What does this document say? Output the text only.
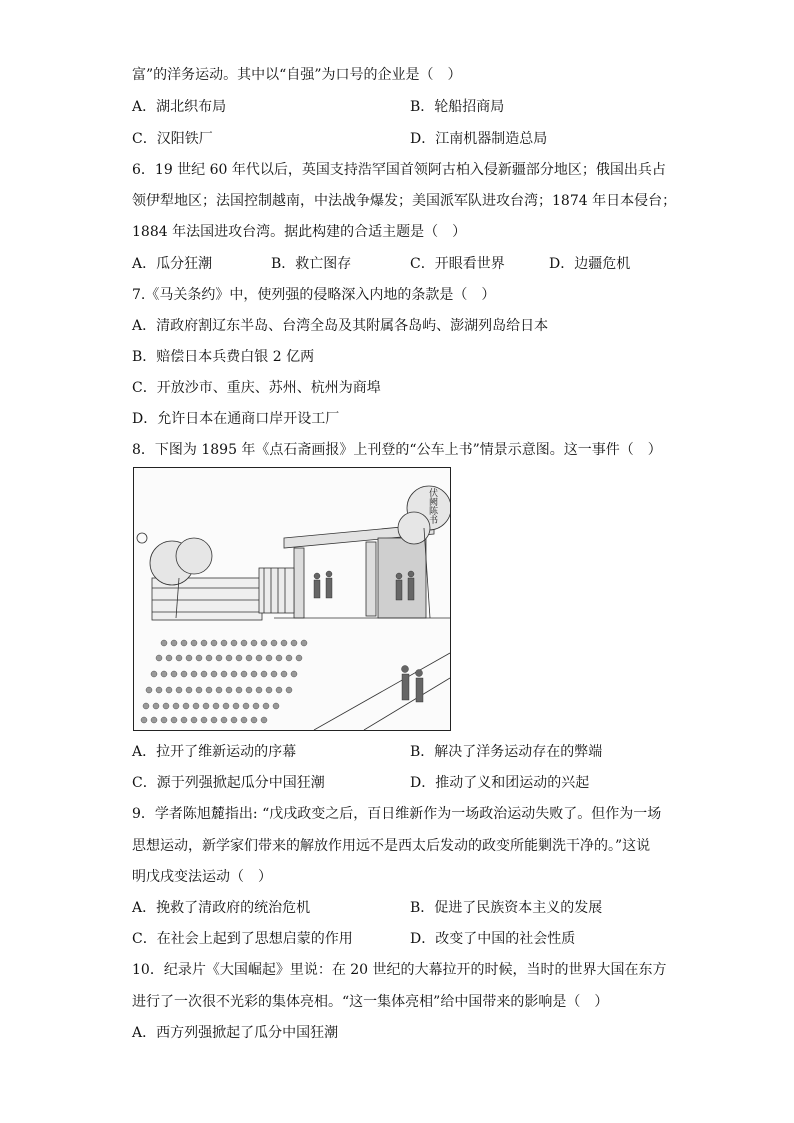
富”的洋务运动。其中以“自强”为口号的企业是（　）
A．湖北织布局	B．轮船招商局
C．汉阳铁厂	D．江南机器制造总局
6．19 世纪 60 年代以后，英国支持浩罕国首领阿古柏入侵新疆部分地区；俄国出兵占
领伊犁地区；法国控制越南，中法战争爆发；美国派军队进攻台湾；1874 年日本侵台；
1884 年法国进攻台湾。据此构建的合适主题是（　）
A．瓜分狂潮	B．救亡图存	C．开眼看世界	D．边疆危机
7.《马关条约》中，使列强的侵略深入内地的条款是（　）
A．清政府割辽东半岛、台湾全岛及其附属各岛屿、澎湖列岛给日本
B．赔偿日本兵费白银 2 亿两
C．开放沙市、重庆、苏州、杭州为商埠
D．允许日本在通商口岸开设工厂
8．下图为 1895 年《点石斋画报》上刊登的“公车上书”情景示意图。这一事件（　）
伏阙陈书
A．拉开了维新运动的序幕	B．解决了洋务运动存在的弊端
C．源于列强掀起瓜分中国狂潮	D．推动了义和团运动的兴起
9．学者陈旭麓指出: “戊戌政变之后，百日维新作为一场政治运动失败了。但作为一场
思想运动，新学家们带来的解放作用远不是西太后发动的政变所能剿洗干净的。”这说
明戊戌变法运动（　）
A．挽救了清政府的统治危机	B．促进了民族资本主义的发展
C．在社会上起到了思想启蒙的作用	D．改变了中国的社会性质
10．纪录片《大国崛起》里说：在 20 世纪的大幕拉开的时候，当时的世界大国在东方
进行了一次很不光彩的集体亮相。“这一集体亮相”给中国带来的影响是（　）
A．西方列强掀起了瓜分中国狂潮
